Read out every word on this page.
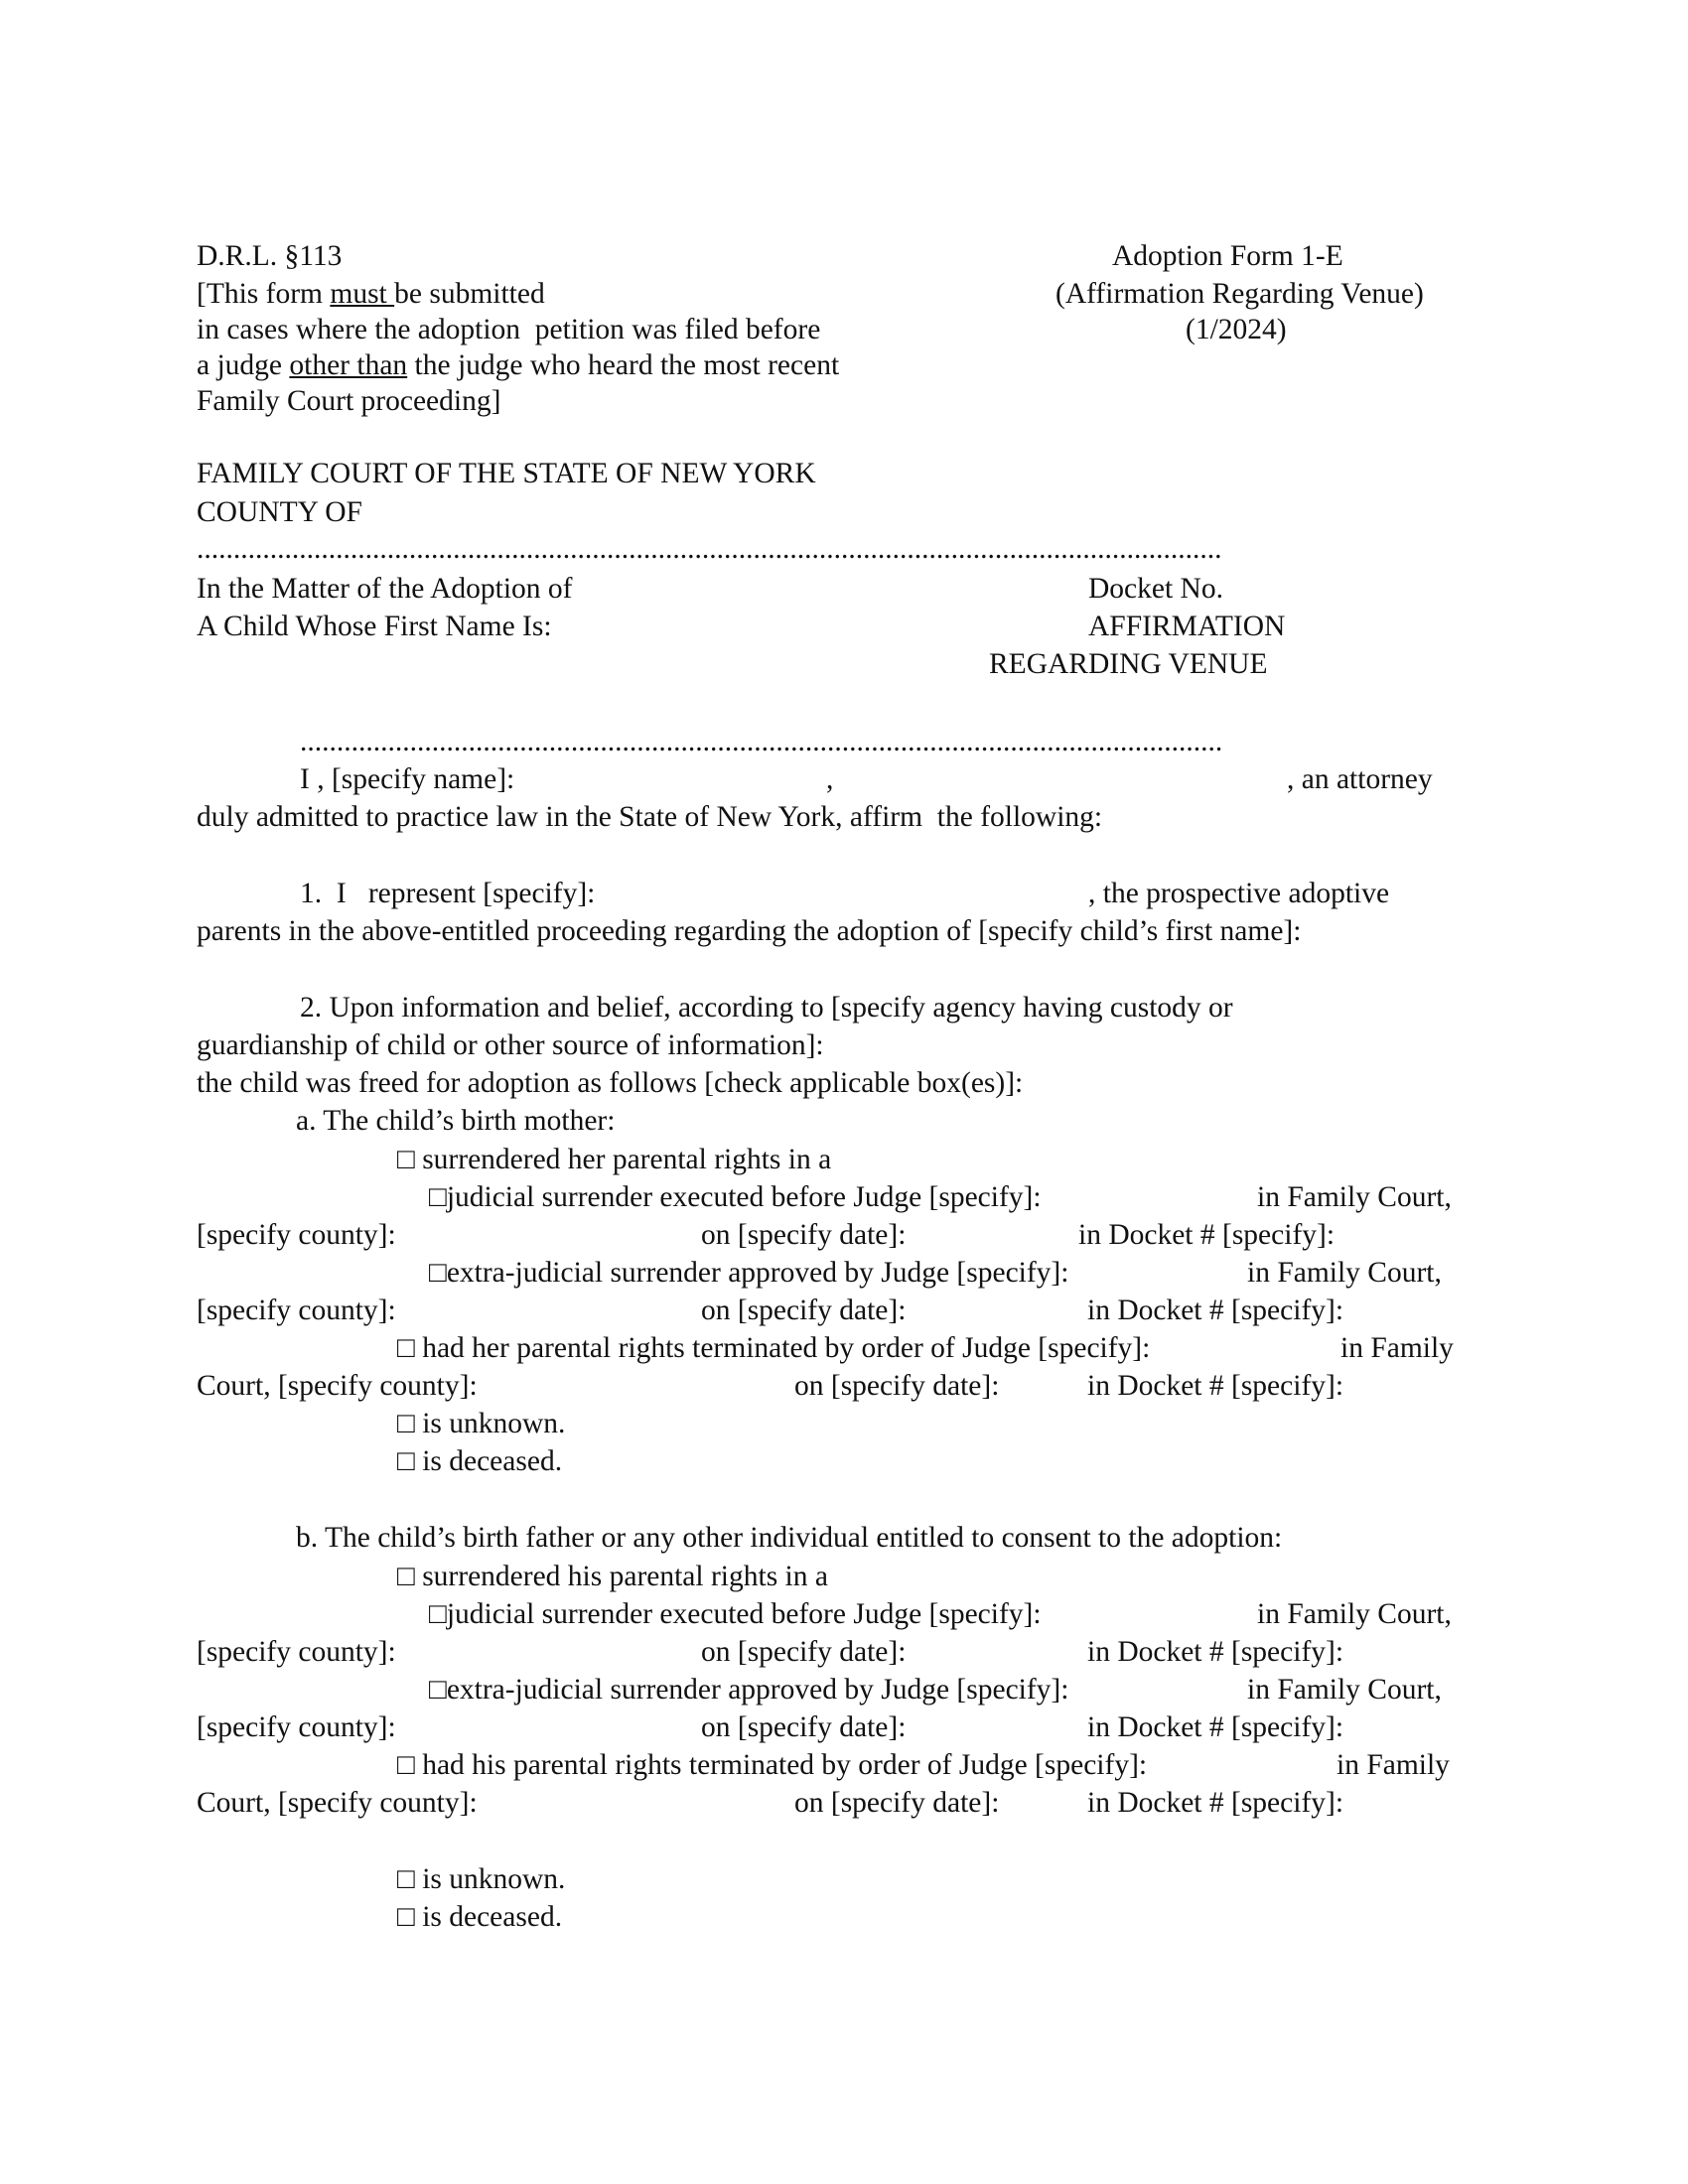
D.R.L. §113
[This form must be submitted
in cases where the adoption  petition was filed before
a judge other than the judge who heard the most recent
Family Court proceeding]
Adoption Form 1-E
(Affirmation Regarding Venue)
(1/2024)
FAMILY COURT OF THE STATE OF NEW YORK
COUNTY OF
............................................................................................................................................
In the Matter of the Adoption of
A Child Whose First Name Is:
Docket No.
AFFIRMATION
REGARDING VENUE
..............................................................................................................................
I , [specify name]:	,	, an attorney
duly admitted to practice law in the State of New York, affirm  the following:
1.  I   represent [specify]:	, the prospective adoptive
parents in the above-entitled proceeding regarding the adoption of [specify child’s first name]:
2. Upon information and belief, according to [specify agency having custody or
guardianship of child or other source of information]:
the child was freed for adoption as follows [check applicable box(es)]:
a. The child’s birth mother:
□ surrendered her parental rights in a
□judicial surrender executed before Judge [specify]:	in Family Court,
[specify county]:	on [specify date]:	in Docket # [specify]:
□extra-judicial surrender approved by Judge [specify]:	in Family Court,
[specify county]:	on [specify date]:	in Docket # [specify]:
□ had her parental rights terminated by order of Judge [specify]:	in Family
Court, [specify county]:	on [specify date]:	in Docket # [specify]:
□ is unknown.
□ is deceased.
b. The child’s birth father or any other individual entitled to consent to the adoption:
□ surrendered his parental rights in a
□judicial surrender executed before Judge [specify]:	in Family Court,
[specify county]:	on [specify date]:	in Docket # [specify]:
□extra-judicial surrender approved by Judge [specify]:	in Family Court,
[specify county]:	on [specify date]:	in Docket # [specify]:
□ had his parental rights terminated by order of Judge [specify]:	in Family
Court, [specify county]:	on [specify date]:	in Docket # [specify]:
□ is unknown.
□ is deceased.
